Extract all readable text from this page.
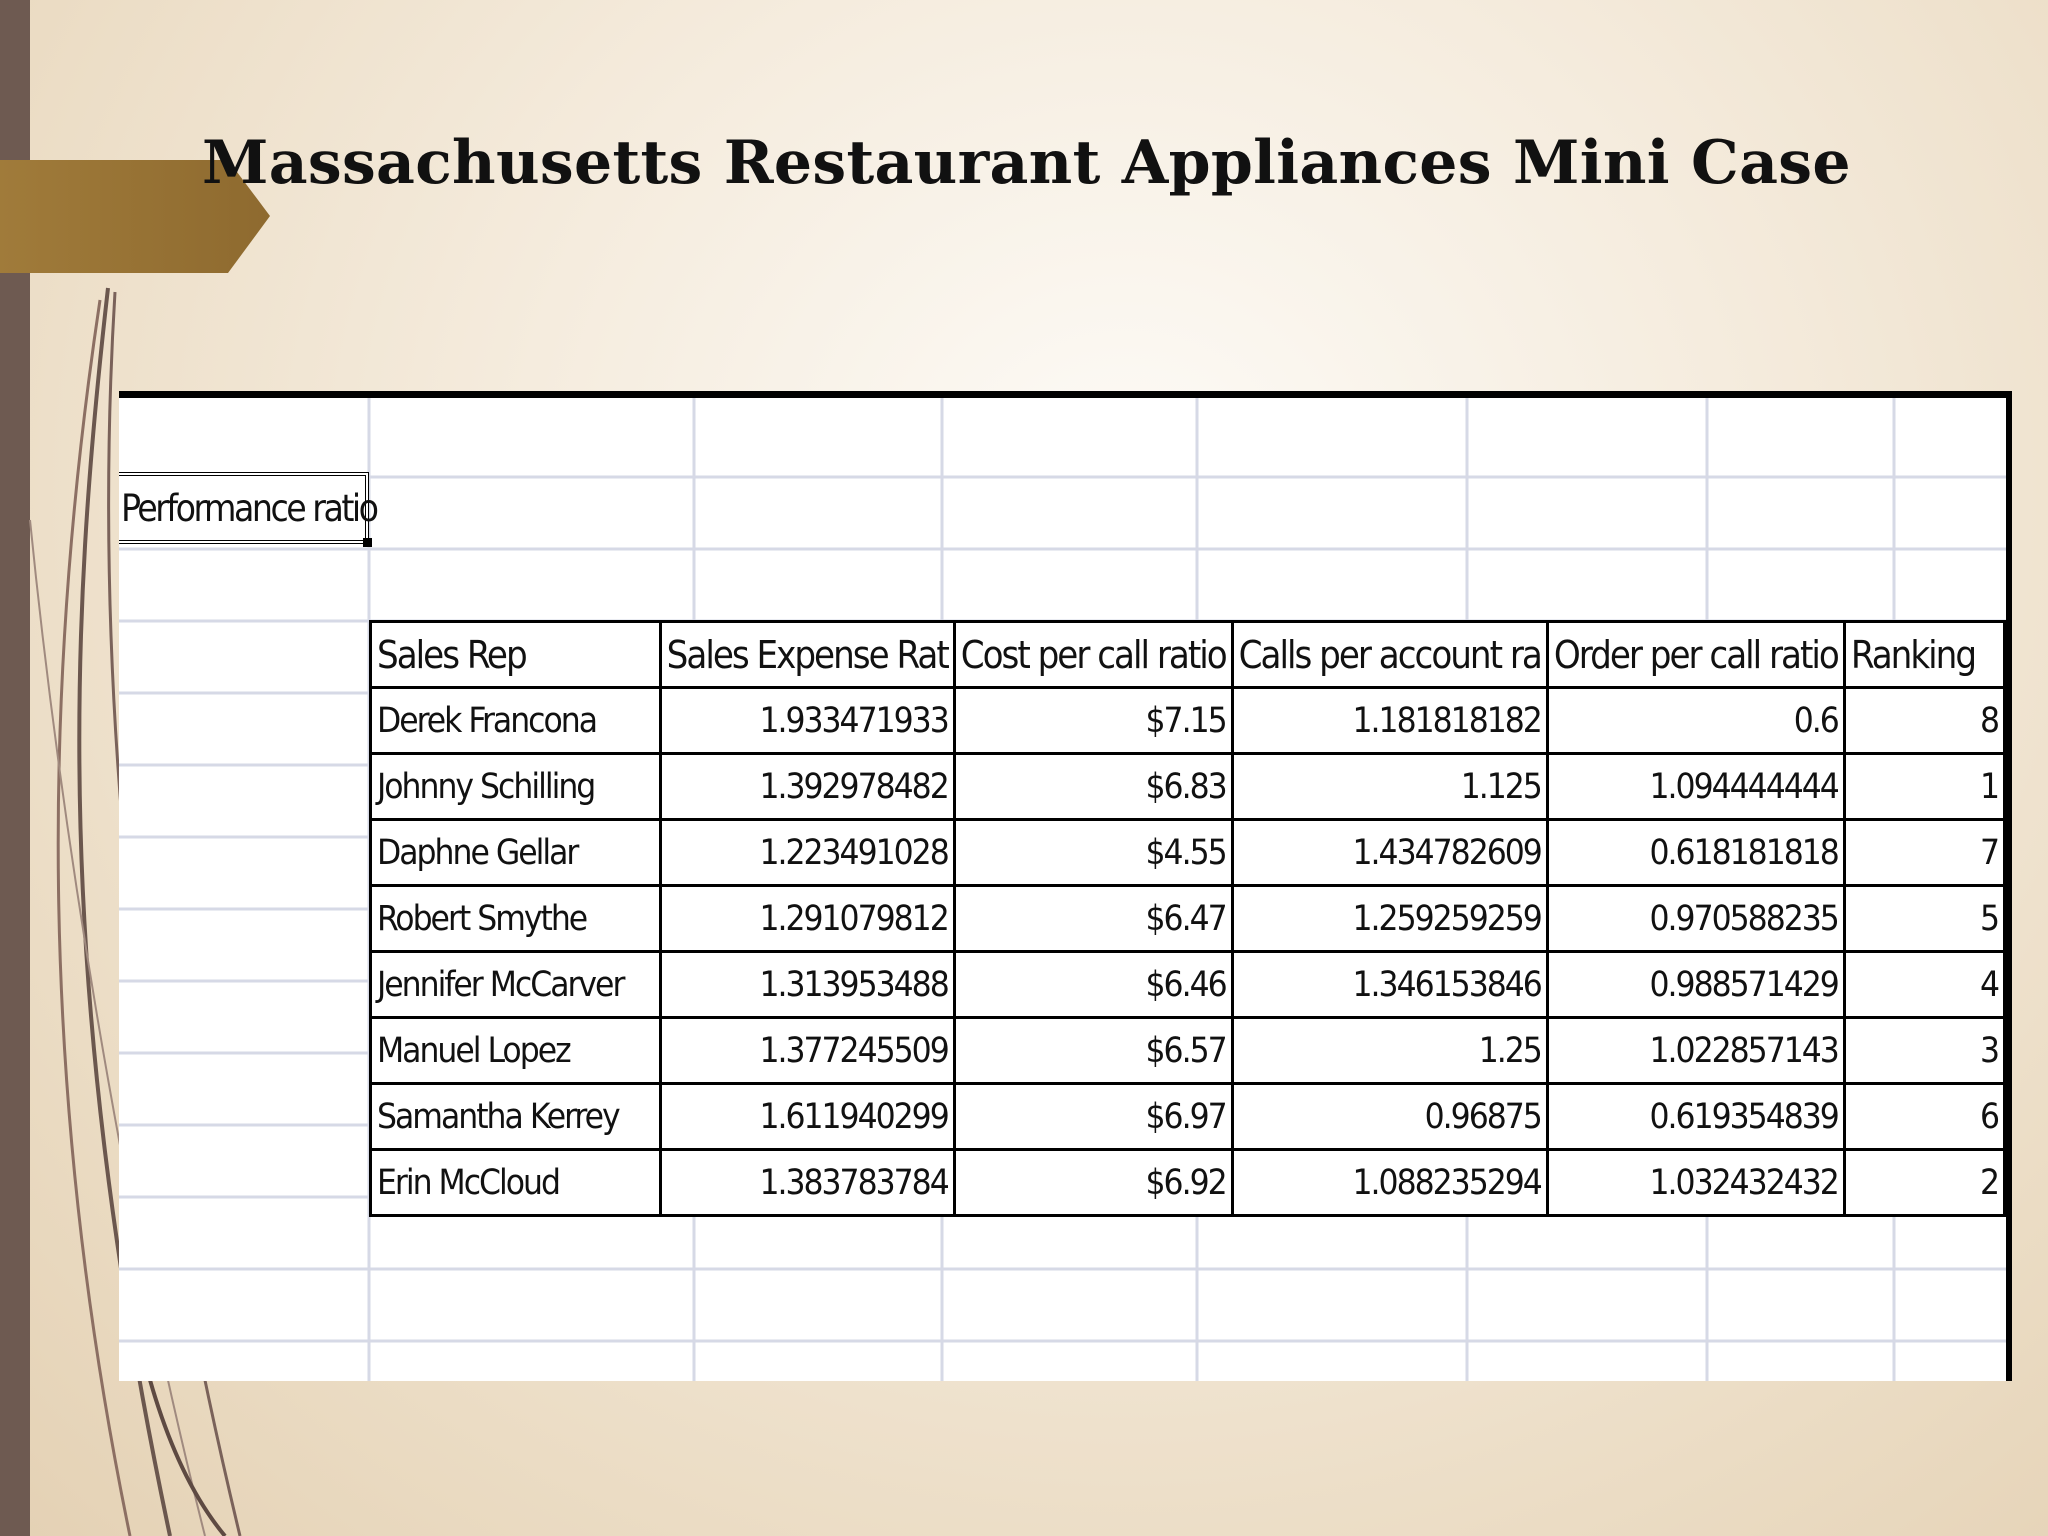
Massachusetts Restaurant Appliances Mini Case
Performance ratio
Sales Rep	Sales Expense Rat	Cost per call ratio	Calls per account ra	Order per call ratio	Ranking
Derek Francona	1.933471933	$7.15	1.181818182	0.6	8
Johnny Schilling	1.392978482	$6.83	1.125	1.094444444	1
Daphne Gellar	1.223491028	$4.55	1.434782609	0.618181818	7
Robert Smythe	1.291079812	$6.47	1.259259259	0.970588235	5
Jennifer McCarver	1.313953488	$6.46	1.346153846	0.988571429	4
Manuel Lopez	1.377245509	$6.57	1.25	1.022857143	3
Samantha Kerrey	1.611940299	$6.97	0.96875	0.619354839	6
Erin McCloud	1.383783784	$6.92	1.088235294	1.032432432	2
